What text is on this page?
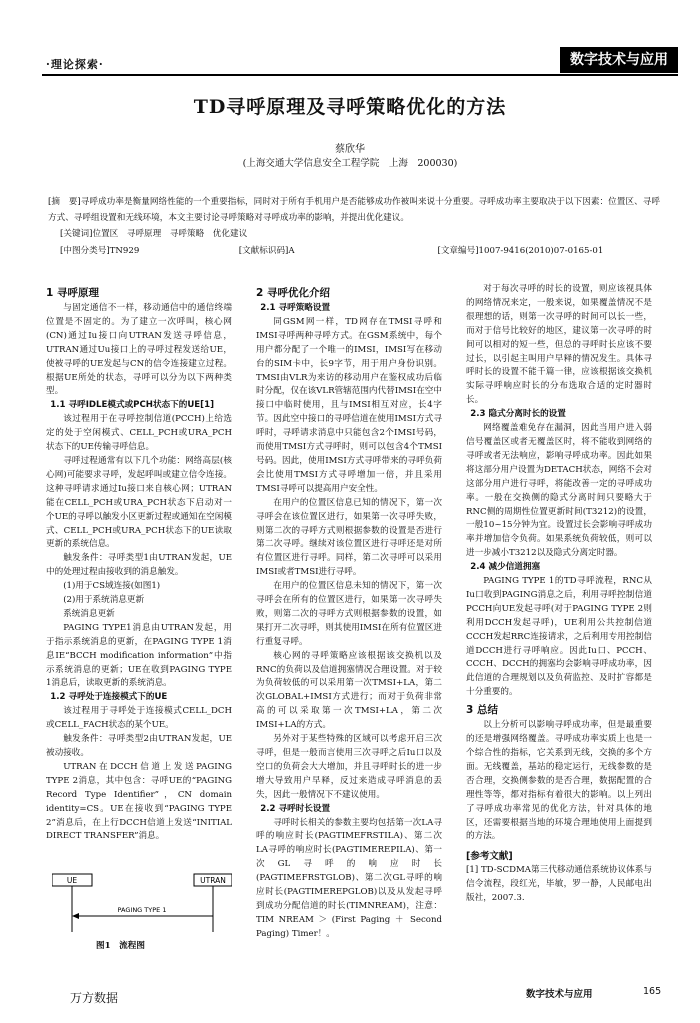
·理论探索·	数字技术与应用
TD寻呼原理及寻呼策略优化的方法
蔡欣华
(上海交通大学信息安全工程学院　上海　200030)
[摘　要]寻呼成功率是衡量网络性能的一个重要指标，同时对于所有手机用户是否能够成功作被叫来说十分重要。寻呼成功率主要取决于以下因素：位置区、寻呼方式、寻呼组设置和无线环境，本文主要讨论寻呼策略对寻呼成功率的影响，并提出优化建议。
[关键词]位置区　寻呼原理　寻呼策略　优化建议
[中图分类号]TN929	[文献标识码]A	[文章编号]1007-9416(2010)07-0165-01
1 寻呼原理

与固定通信不一样，移动通信中的通信终端位置是不固定的。为了建立一次呼叫，核心网(CN)通过Iu接口向UTRAN发送寻呼信息，UTRAN通过Uu接口上的寻呼过程发送给UE，使被寻呼的UE发起与CN的信令连接建立过程。根据UE所处的状态，寻呼可以分为以下两种类型。

1.1 寻呼IDLE模式或PCH状态下的UE[1]

该过程用于在寻呼控制信道(PCCH)上给选定的处于空闲模式、CELL_PCH或URA_PCH状态下的UE传输寻呼信息。

寻呼过程通常有以下几个功能：网络高层(核心网)可能要求寻呼，发起呼叫或建立信令连接。这种寻呼请求通过Iu接口来自核心网；UTRAN能在CELL_PCH或URA_PCH状态下启动对一个UE的寻呼以触发小区更新过程或通知在空闲模式、CELL_PCH或URA_PCH状态下的UE读取更新的系统信息。

触发条件：寻呼类型1由UTRAN发起，UE中的处理过程由接收到的消息触发。

(1)用于CS域连接(如图1)

(2)用于系统消息更新

系统消息更新

PAGING TYPE1消息由UTRAN发起，用于指示系统消息的更新，在PAGING TYPE 1消息IE“BCCH modification information”中指示系统消息的更新；UE在收到PAGING TYPE 1消息后，读取更新的系统消息。

1.2 寻呼处于连接模式下的UE

该过程用于寻呼处于连接模式CELL_DCH或CELL_FACH状态的某个UE。

触发条件：寻呼类型2由UTRAN发起，UE被动接收。

UTRAN在DCCH信道上发送PAGING TYPE 2消息，其中包含：寻呼UE的“PAGING Record Type Identifier”，CN domain identity=CS。UE在接收到“PAGING TYPE 2”消息后，在上行DCCH信道上发送“INITIAL DIRECT TRANSFER”消息。

UE	UTRAN
PAGING TYPE 1
图1　流程图
2 寻呼优化介绍
2.1 寻呼策略设置

同GSM网一样，TD网存在TMSI寻呼和IMSI寻呼两种寻呼方式。在GSM系统中，每个用户都分配了一个唯一的IMSI，IMSI写在移动台的SIM卡中，长9字节，用于用户身份识别。TMSI由VLR为来访的移动用户在鉴权成功后临时分配，仅在该VLR管辖范围内代替IMSI在空中接口中临时使用，且与IMSI相互对应，长4字节。因此空中接口的寻呼信道在使用IMSI方式寻呼时，寻呼请求消息中只能包含2个IMSI号码，而使用TMSI方式寻呼时，则可以包含4个TMSI号码。因此，使用IMSI方式寻呼带来的寻呼负荷会比使用TMSI方式寻呼增加一倍，并且采用TMSI寻呼可以提高用户安全性。

在用户的位置区信息已知的情况下，第一次寻呼会在该位置区进行，如果第一次寻呼失败，则第二次的寻呼方式则根据参数的设置是否进行第二次寻呼。继续对该位置区进行寻呼还是对所有位置区进行寻呼。同样，第二次寻呼可以采用IMSI或者TMSI进行寻呼。

在用户的位置区信息未知的情况下，第一次寻呼会在所有的位置区进行，如果第一次寻呼失败，则第二次的寻呼方式则根据参数的设置，如果打开二次寻呼，则其使用IMSI在所有位置区进行重复寻呼。

核心网的寻呼策略应该根据该交换机以及RNC的负荷以及信道拥塞情况合理设置。对于较为负荷较低的可以采用第一次TMSI+LA，第二次GLOBAL+IMSI方式进行；而对于负荷非常高的可以采取第一次TMSI+LA，第二次IMSI+LA的方式。

另外对于某些特殊的区域可以考虑开启三次寻呼，但是一般而言使用三次寻呼之后Iu口以及空口的负荷会大大增加，并且寻呼时长的进一步增大导致用户早释，反过来造成寻呼消息的丢失，因此一般情况下不建议使用。

2.2 寻呼时长设置

寻呼时长相关的参数主要均包括第一次LA寻呼的响应时长(PAGTIMEFRSTILA)、第二次LA寻呼的响应时长(PAGTIMEREPILA)、第一次GL寻呼的响应时长(PAGTIMEFRSTGLOB)、第二次GL寻呼的响应时长(PAGTIMEREPGLOB)以及从发起寻呼到成功分配信道的时长(TIMNREAM)，注意：TIM NREAM ＞ (First Paging ＋ Second Paging) Timer！。

对于每次寻呼的时长的设置，则应该视具体的网络情况来定，一般来说，如果覆盖情况不是很理想的话，则第一次寻呼的时间可以长一些，而对于信号比较好的地区，建议第一次寻呼的时间可以相对的短一些，但总的寻呼时长应该不要过长，以引起主叫用户早释的情况发生。具体寻呼时长的设置不能千篇一律，应该根据该交换机实际寻呼响应时长的分布选取合适的定时器时长。

2.3 隐式分离时长的设置

网络覆盖难免存在漏洞，因此当用户进入弱信号覆盖区或者无覆盖区时，将不能收到网络的寻呼或者无法响应，影响寻呼成功率。因此如果将这部分用户设置为DETACH状态，网络不会对这部分用户进行寻呼，将能改善一定的寻呼成功率。一般在交换侧的隐式分离时间只要略大于RNC侧的周期性位置更新时间(T3212)的设置，一般10~15分钟为宜。设置过长会影响寻呼成功率并增加信令负荷。如果系统负荷较低，则可以进一步减小T3212以及隐式分离定时器。

2.4 减少信道拥塞

PAGING TYPE 1的TD寻呼流程，RNC从Iu口收到PAGING消息之后，利用寻呼控制信道PCCH向UE发起寻呼(对于PAGING TYPE 2则利用DCCH发起寻呼)，UE利用公共控制信道CCCH发起RRC连接请求，之后利用专用控制信道DCCH进行寻呼响应。因此Iu口、PCCH、CCCH、DCCH的拥塞均会影响寻呼成功率，因此信道的合理规划以及负荷监控、及时扩容都是十分重要的。

3 总结

以上分析可以影响寻呼成功率，但是最重要的还是增强网络覆盖。寻呼成功率实质上也是一个综合性的指标，它关系到无线，交换的多个方面。无线覆盖，基站的稳定运行，无线参数的是否合理，交换侧参数的是否合理，数据配置的合理性等等，都对指标有着很大的影响。以上列出了寻呼成功率常见的优化方法，针对具体的地区，还需要根据当地的环境合理地使用上面提到的方法。

[参考文献]

[1] TD-SCDMA第三代移动通信系统协议体系与信令流程，段红光，毕敏，罗一静，人民邮电出版社，2007.3.

万方数据	数字技术与应用	165
